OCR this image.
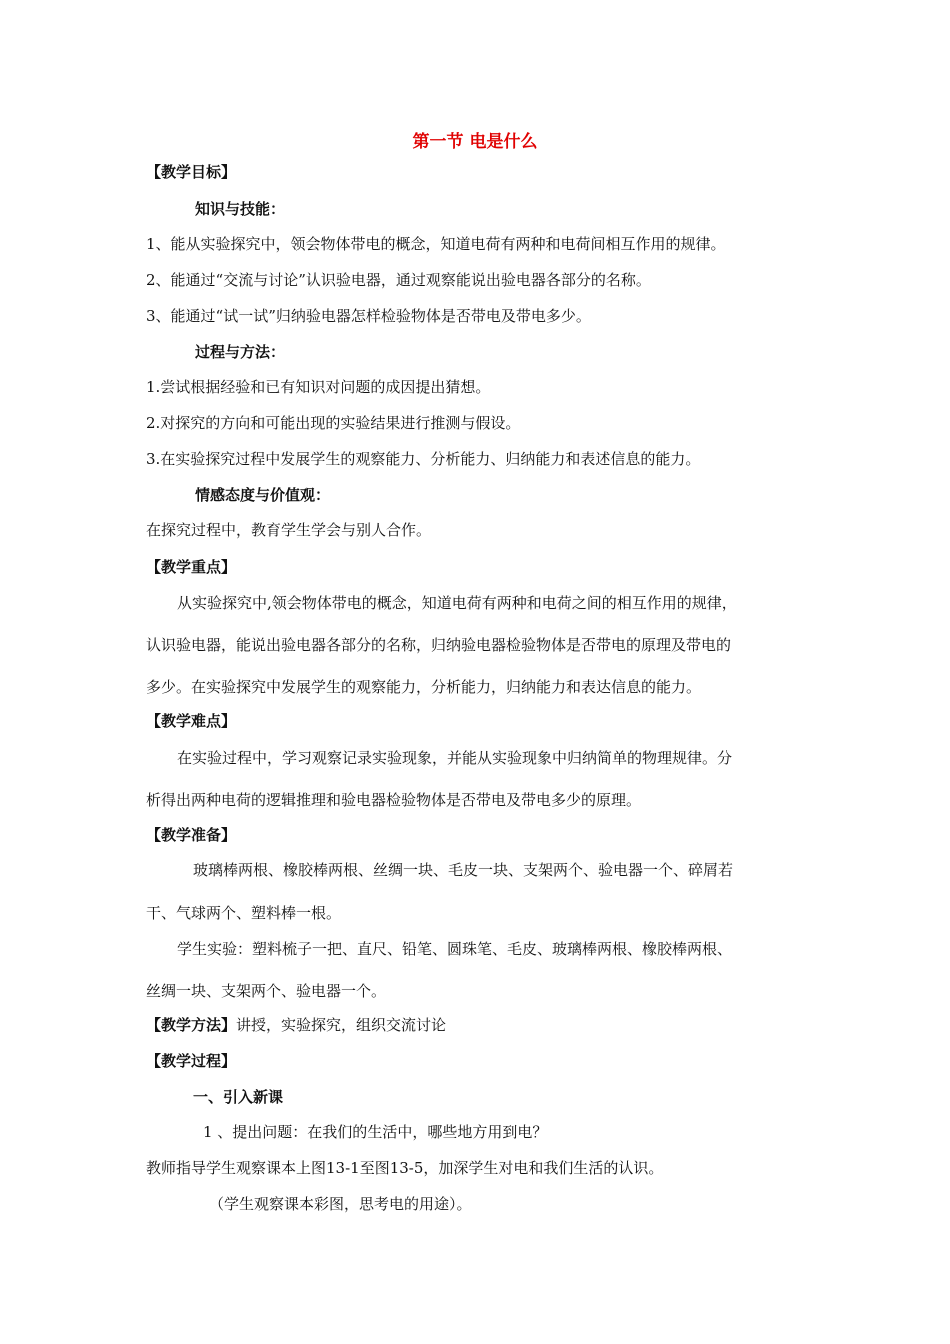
第一节 电是什么
【教学目标】
知识与技能：
1、能从实验探究中，领会物体带电的概念，知道电荷有两种和电荷间相互作用的规律。
2、能通过“交流与讨论”认识验电器，通过观察能说出验电器各部分的名称。
3、能通过“试一试”归纳验电器怎样检验物体是否带电及带电多少。
过程与方法：
1.尝试根据经验和已有知识对问题的成因提出猜想。
2.对探究的方向和可能出现的实验结果进行推测与假设。
3.在实验探究过程中发展学生的观察能力、分析能力、归纳能力和表述信息的能力。
情感态度与价值观：
在探究过程中，教育学生学会与别人合作。
【教学重点】
从实验探究中,领会物体带电的概念，知道电荷有两种和电荷之间的相互作用的规律，
认识验电器，能说出验电器各部分的名称，归纳验电器检验物体是否带电的原理及带电的
多少。在实验探究中发展学生的观察能力，分析能力，归纳能力和表达信息的能力。
【教学难点】
在实验过程中，学习观察记录实验现象，并能从实验现象中归纳简单的物理规律。分
析得出两种电荷的逻辑推理和验电器检验物体是否带电及带电多少的原理。
【教学准备】
玻璃棒两根、橡胶棒两根、丝绸一块、毛皮一块、支架两个、验电器一个、碎屑若
干、气球两个、塑料棒一根。
学生实验：塑料梳子一把、直尺、铅笔、圆珠笔、毛皮、玻璃棒两根、橡胶棒两根、
丝绸一块、支架两个、验电器一个。
【教学方法】讲授，实验探究，组织交流讨论
【教学过程】
一、引入新课
1 、提出问题：在我们的生活中，哪些地方用到电？
教师指导学生观察课本上图13-1至图13-5，加深学生对电和我们生活的认识。
（学生观察课本彩图，思考电的用途）。
